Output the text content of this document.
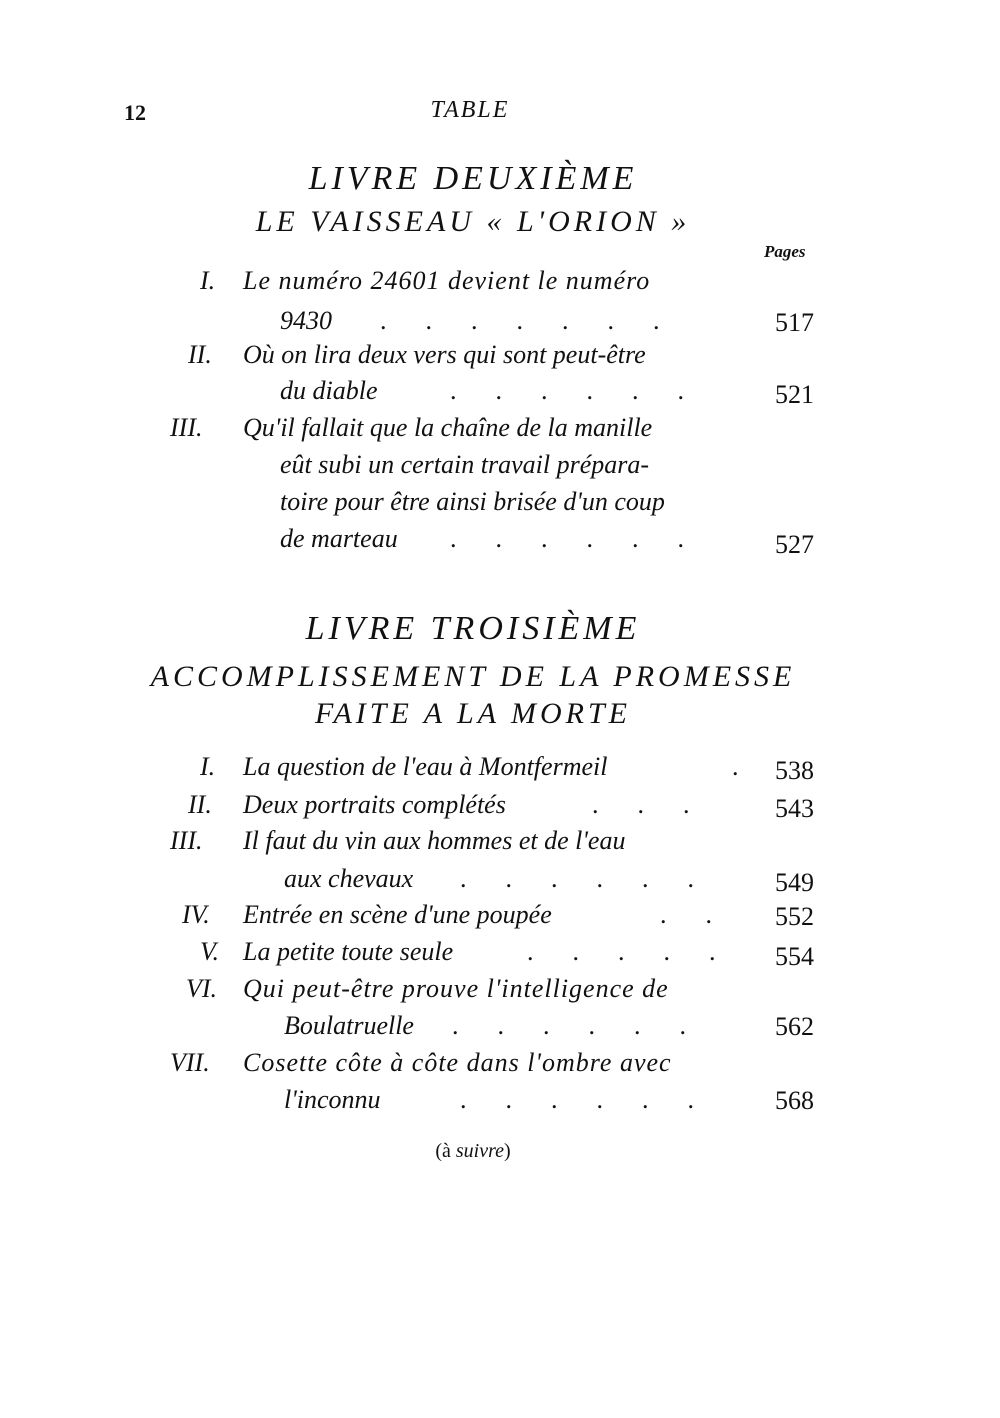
12	TABLE
LIVRE DEUXIÈME
LE VAISSEAU « L'ORION »
Pages
I. Le numéro 24601 devient le numéro
9430 .      .      .      .      .      .      .	517
II. Où on lira deux vers qui sont peut-être
du diable	.      .      .      .      .      .	521
III. Qu'il fallait que la chaîne de la manille
eût subi un certain travail prépara-
toire pour être ainsi brisée d'un coup
de marteau .      .      .      .      .      .	527
LIVRE TROISIÈME
ACCOMPLISSEMENT DE LA PROMESSE
FAITE A LA MORTE
I. La question de l'eau à Montfermeil	. 538
II. Deux portraits complétés	.      .      .	543
III. Il faut du vin aux hommes et de l'eau
aux chevaux .      .      .      .      .      .	549
IV. Entrée en scène d'une poupée	.      . 552
V. La petite toute seule	.      .      .      .      . 554
VI. Qui peut-être prouve l'intelligence de
Boulatruelle .      .      .      .      .      .	562
VII. Cosette côte à côte dans l'ombre avec
l'inconnu	.      .      .      .      .      .	568
(à suivre)
